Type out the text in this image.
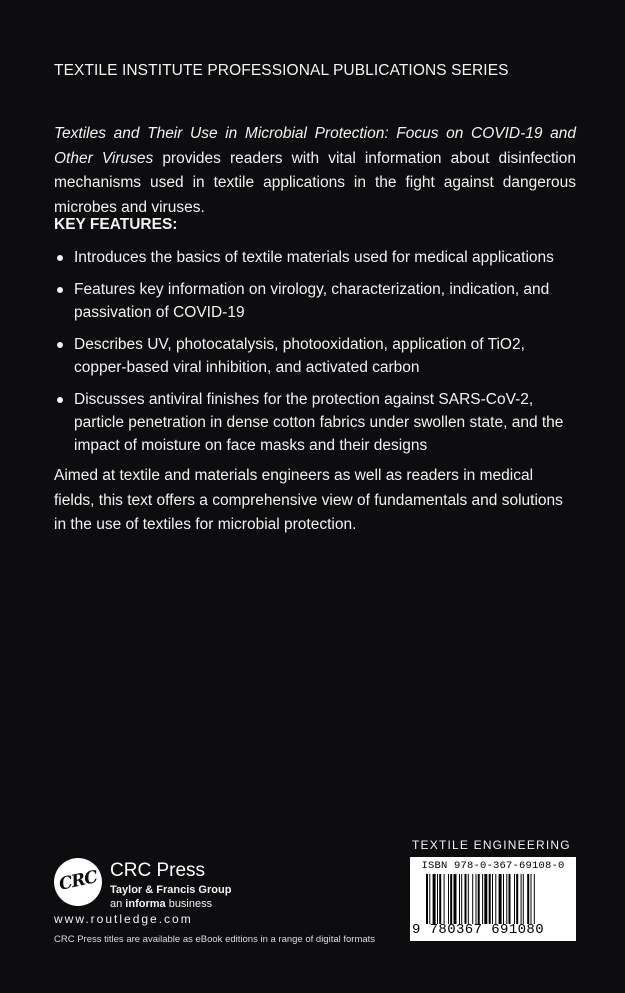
TEXTILE INSTITUTE PROFESSIONAL PUBLICATIONS SERIES

Textiles and Their Use in Microbial Protection: Focus on COVID-19 and Other Viruses provides readers with vital information about disinfection mechanisms used in textile applications in the fight against dangerous microbes and viruses.

KEY FEATURES:
Introduces the basics of textile materials used for medical applications
Features key information on virology, characterization, indication, and passivation of COVID-19
Describes UV, photocatalysis, photooxidation, application of TiO2, copper-based viral inhibition, and activated carbon
Discusses antiviral finishes for the protection against SARS-CoV-2, particle penetration in dense cotton fabrics under swollen state, and the impact of moisture on face masks and their designs

Aimed at textile and materials engineers as well as readers in medical fields, this text offers a comprehensive view of fundamentals and solutions in the use of textiles for microbial protection.

CRC CRC Press
Taylor & Francis Group
an informa business
www.routledge.com
CRC Press titles are available as eBook editions in a range of digital formats
TEXTILE ENGINEERING
ISBN 978-0-367-69108-0
9 780367 691080
